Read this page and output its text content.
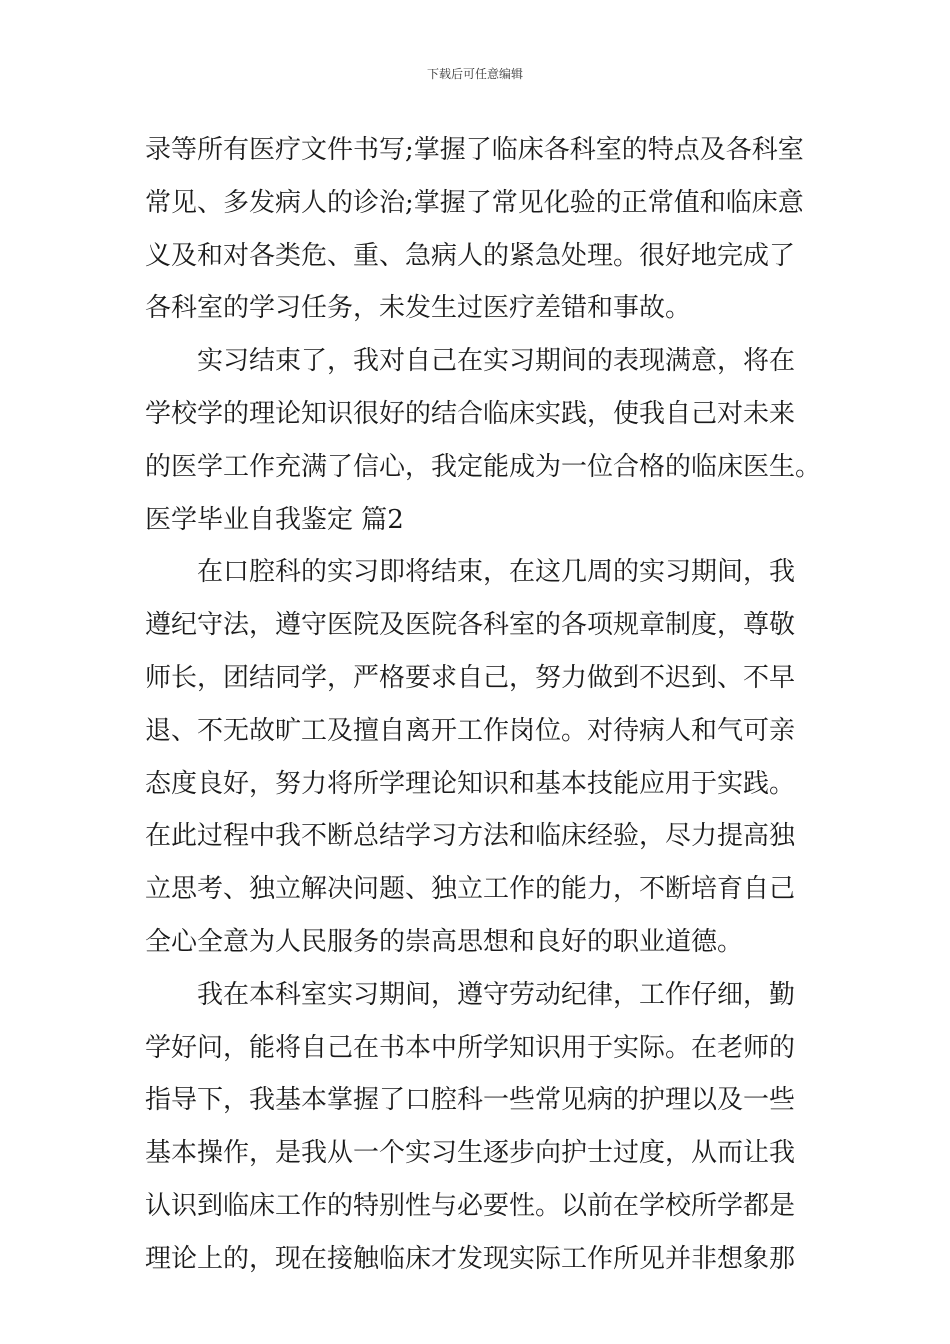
下载后可任意编辑

录等所有医疗文件书写;掌握了临床各科室的特点及各科室
常见、多发病人的诊治;掌握了常见化验的正常值和临床意
义及和对各类危、重、急病人的紧急处理。很好地完成了
各科室的学习任务，未发生过医疗差错和事故。

实习结束了，我对自己在实习期间的表现满意，将在
学校学的理论知识很好的结合临床实践，使我自己对未来
的医学工作充满了信心，我定能成为一位合格的临床医生。

医学毕业自我鉴定 篇2

在口腔科的实习即将结束，在这几周的实习期间，我
遵纪守法，遵守医院及医院各科室的各项规章制度，尊敬
师长，团结同学，严格要求自己，努力做到不迟到、不早
退、不无故旷工及擅自离开工作岗位。对待病人和气可亲
态度良好，努力将所学理论知识和基本技能应用于实践。
在此过程中我不断总结学习方法和临床经验，尽力提高独
立思考、独立解决问题、独立工作的能力，不断培育自己
全心全意为人民服务的崇高思想和良好的职业道德。

我在本科室实习期间，遵守劳动纪律，工作仔细，勤
学好问，能将自己在书本中所学知识用于实际。在老师的
指导下，我基本掌握了口腔科一些常见病的护理以及一些
基本操作，是我从一个实习生逐步向护士过度，从而让我
认识到临床工作的特别性与必要性。以前在学校所学都是
理论上的，现在接触临床才发现实际工作所见并非想象那
